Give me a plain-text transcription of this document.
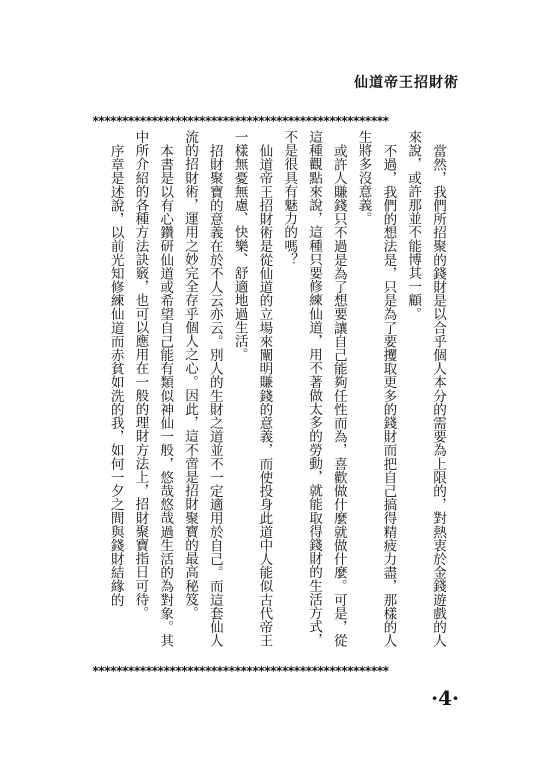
仙道帝王招財術
**************************************************

當然，我們所招聚的錢財是以合乎個人本分的需要為上限的，對熱衷於金錢遊戲的人來說，或許那並不能博其一顧。

不過，我們的想法是，只是為了要攫取更多的錢財而把自己搞得精疲力盡，那樣的人生將多沒意義。

或許人賺錢只不過是為了想要讓自己能夠任性而為，喜歡做什麼就做什麼。可是，從這種觀點來說，這種只要修練仙道，用不著做太多的勞動，就能取得錢財的生活方式，不是很具有魅力的嗎？

仙道帝王招財術是從仙道的立場來闡明賺錢的意義，而使投身此道中人能似古代帝王一樣無憂無慮、快樂、舒適地過生活。

招財聚寶的意義在於不人云亦云。別人的生財之道並不一定適用於自己。而這套仙人流的招財術，運用之妙完全存乎個人之心。因此，這不啻是招財聚寶的最高秘笈。

本書是以有心鑽研仙道或希望自己能有類似神仙一般，悠哉悠哉過生活的為對象。其中所介紹的各種方法訣竅，也可以應用在一般的理財方法上，招財聚寶指日可待。

序章是述說，以前光知修練仙道而赤貧如洗的我，如何一夕之間與錢財結緣的

**************************************************
·4·
